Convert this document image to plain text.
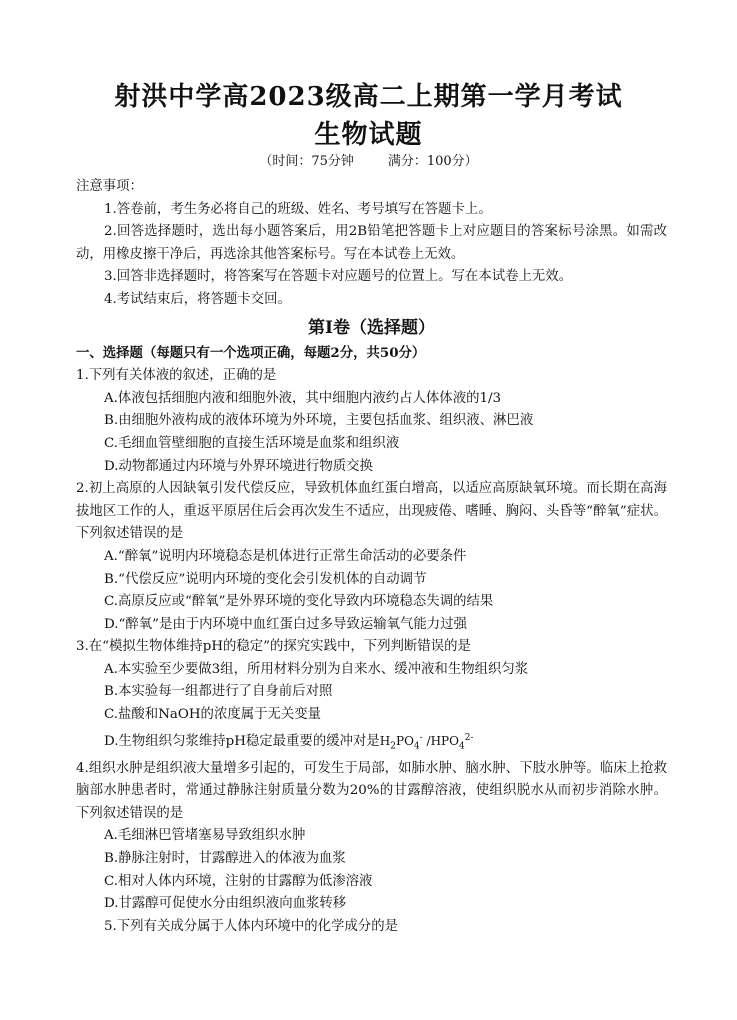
射洪中学高2023级高二上期第一学月考试
生物试题
（时间：75分钟	满分：100分）
注意事项：
1.答卷前，考生务必将自己的班级、姓名、考号填写在答题卡上。
2.回答选择题时，选出每小题答案后，用2B铅笔把答题卡上对应题目的答案标号涂黑。如需改动，用橡皮擦干净后，再选涂其他答案标号。写在本试卷上无效。
3.回答非选择题时，将答案写在答题卡对应题号的位置上。写在本试卷上无效。
4.考试结束后，将答题卡交回。
第I卷（选择题）
一、选择题（每题只有一个选项正确，每题2分，共50分）
1.下列有关体液的叙述，正确的是
A.体液包括细胞内液和细胞外液，其中细胞内液约占人体体液的1/3
B.由细胞外液构成的液体环境为外环境，主要包括血浆、组织液、淋巴液
C.毛细血管壁细胞的直接生活环境是血浆和组织液
D.动物都通过内环境与外界环境进行物质交换
2.初上高原的人因缺氧引发代偿反应，导致机体血红蛋白增高，以适应高原缺氧环境。而长期在高海拔地区工作的人，重返平原居住后会再次发生不适应，出现疲倦、嗜睡、胸闷、头昏等“醉氧”症状。下列叙述错误的是
A.“醉氧”说明内环境稳态是机体进行正常生命活动的必要条件
B.“代偿反应”说明内环境的变化会引发机体的自动调节
C.高原反应或“醉氧”是外界环境的变化导致内环境稳态失调的结果
D.“醉氧”是由于内环境中血红蛋白过多导致运输氧气能力过强
3.在“模拟生物体维持pH的稳定”的探究实践中，下列判断错误的是
A.本实验至少要做3组，所用材料分别为自来水、缓冲液和生物组织匀浆
B.本实验每一组都进行了自身前后对照
C.盐酸和NaOH的浓度属于无关变量
D.生物组织匀浆维持pH稳定最重要的缓冲对是$H_2PO_4^-$ $/HPO_4^{2-}$
4.组织水肿是组织液大量增多引起的，可发生于局部，如肺水肿、脑水肿、下肢水肿等。临床上抢救脑部水肿患者时，常通过静脉注射质量分数为20%的甘露醇溶液，使组织脱水从而初步消除水肿。下列叙述错误的是
A.毛细淋巴管堵塞易导致组织水肿
B.静脉注射时，甘露醇进入的体液为血浆
C.相对人体内环境，注射的甘露醇为低渗溶液
D.甘露醇可促使水分由组织液向血浆转移
5.下列有关成分属于人体内环境中的化学成分的是
